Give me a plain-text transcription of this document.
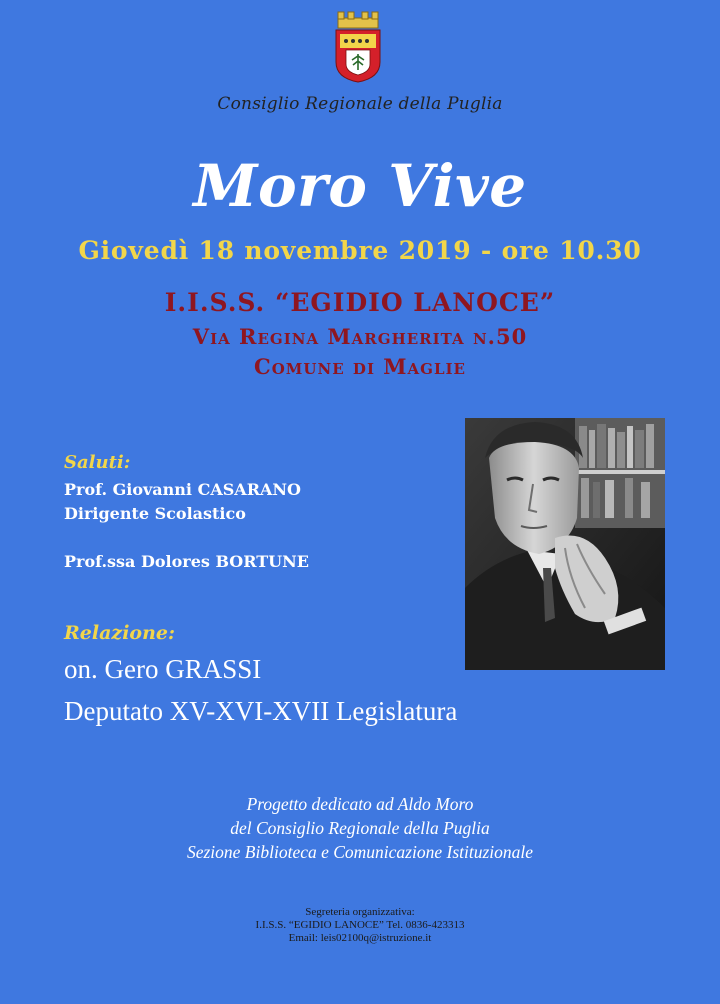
Consiglio Regionale della Puglia
Moro Vive
Giovedì 18 novembre 2019 - ore 10.30
I.I.S.S. “EGIDIO LANOCE”
Via Regina Margherita n.50
Comune di Maglie
Saluti:
Prof. Giovanni CASARANO
Dirigente Scolastico
Prof.ssa Dolores BORTUNE
Relazione:
on. Gero GRASSI
Deputato XV-XVI-XVII Legislatura
Progetto dedicato ad Aldo Moro
del Consiglio Regionale della Puglia
Sezione Biblioteca e Comunicazione Istituzionale
Segreteria organizzativa:
I.I.S.S. “EGIDIO LANOCE” Tel. 0836-423313
Email: leis02100q@istruzione.it
